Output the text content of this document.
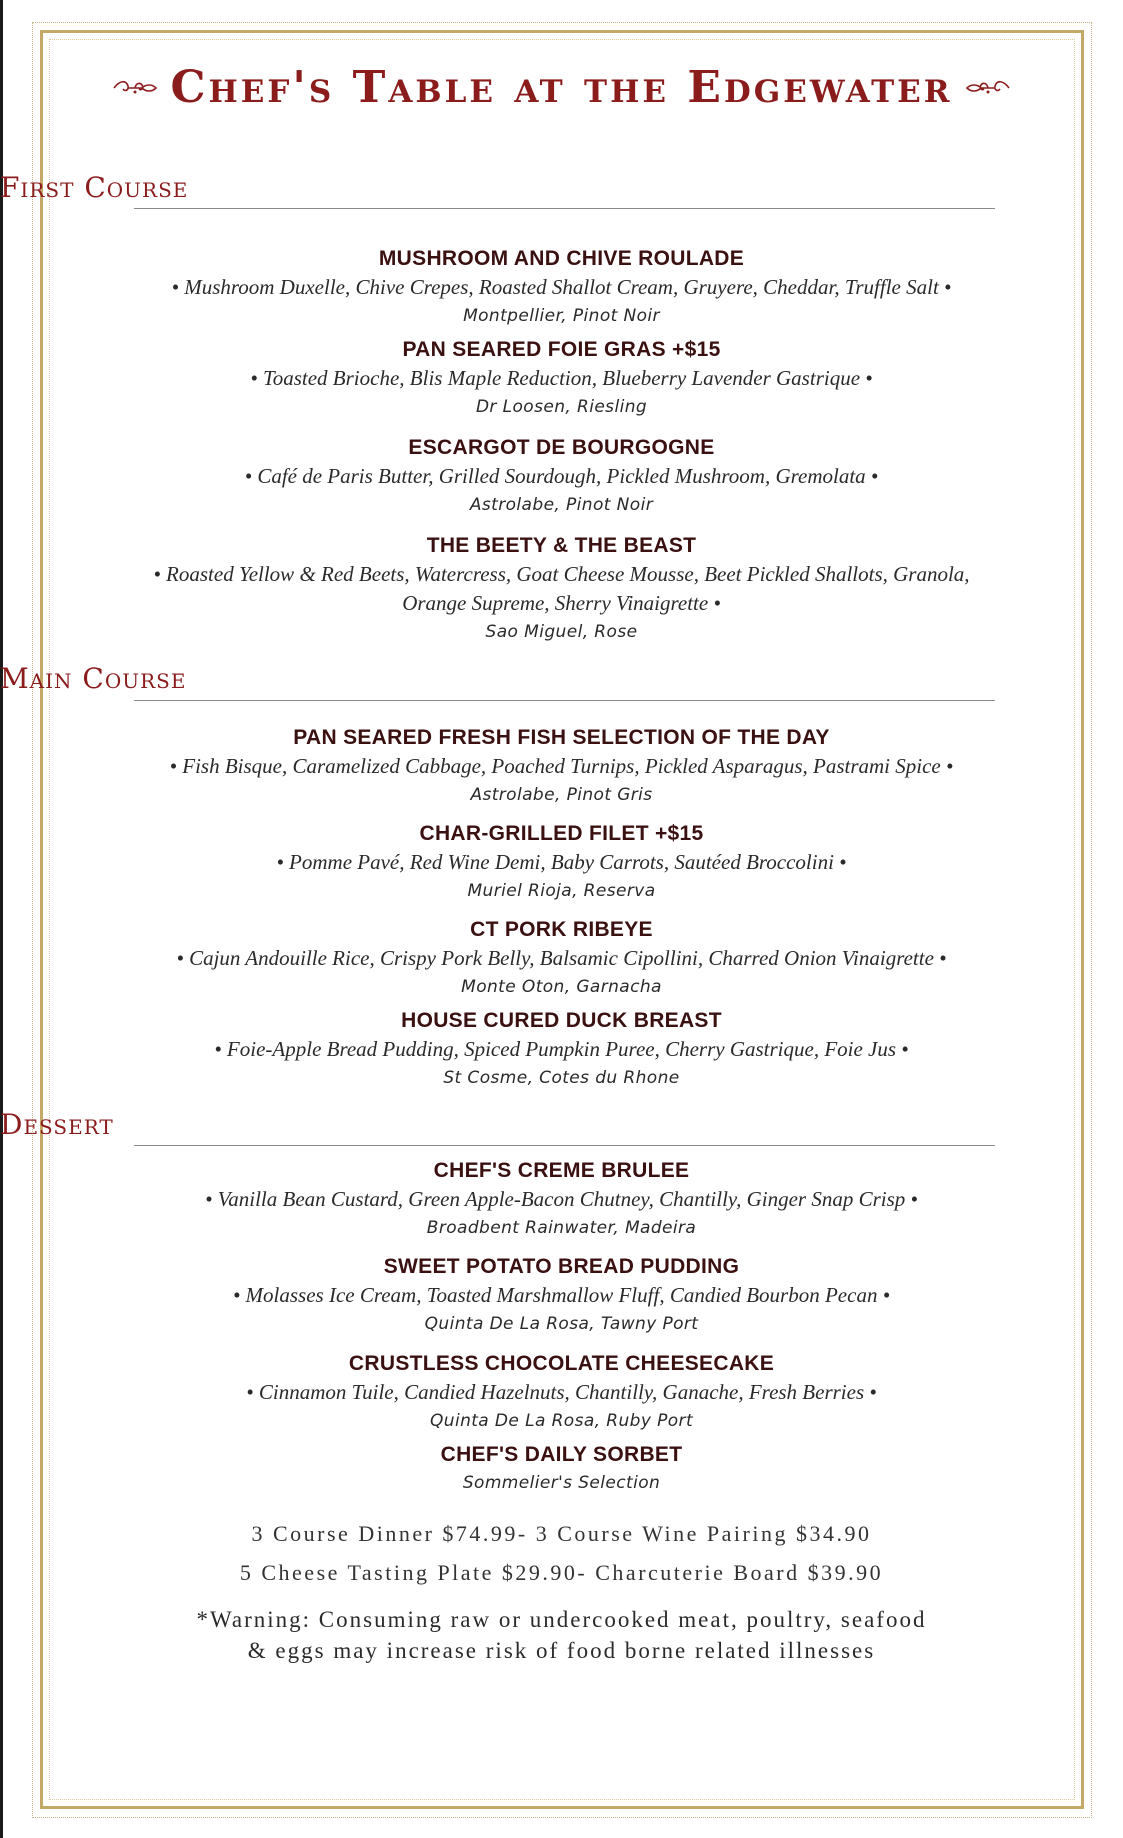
Chef's Table at the Edgewater
First Course
MUSHROOM AND CHIVE ROULADE
• Mushroom Duxelle, Chive Crepes, Roasted Shallot Cream, Gruyere, Cheddar, Truffle Salt •
Montpellier, Pinot Noir
PAN SEARED FOIE GRAS +$15
• Toasted Brioche, Blis Maple Reduction, Blueberry Lavender Gastrique •
Dr Loosen, Riesling
ESCARGOT DE BOURGOGNE
• Café de Paris Butter, Grilled Sourdough, Pickled Mushroom, Gremolata •
Astrolabe, Pinot Noir
THE BEETY & THE BEAST
• Roasted Yellow & Red Beets, Watercress, Goat Cheese Mousse, Beet Pickled Shallots, Granola,
Orange Supreme, Sherry Vinaigrette •
Sao Miguel, Rose
Main Course
PAN SEARED FRESH FISH SELECTION OF THE DAY
• Fish Bisque, Caramelized Cabbage, Poached Turnips, Pickled Asparagus, Pastrami Spice •
Astrolabe, Pinot Gris
CHAR-GRILLED FILET +$15
• Pomme Pavé, Red Wine Demi, Baby Carrots, Sautéed Broccolini •
Muriel Rioja, Reserva
CT PORK RIBEYE
• Cajun Andouille Rice, Crispy Pork Belly, Balsamic Cipollini, Charred Onion Vinaigrette •
Monte Oton, Garnacha
HOUSE CURED DUCK BREAST
• Foie-Apple Bread Pudding, Spiced Pumpkin Puree, Cherry Gastrique, Foie Jus •
St Cosme, Cotes du Rhone
Dessert
CHEF'S CREME BRULEE
• Vanilla Bean Custard, Green Apple-Bacon Chutney, Chantilly, Ginger Snap Crisp •
Broadbent Rainwater, Madeira
SWEET POTATO BREAD PUDDING
• Molasses Ice Cream, Toasted Marshmallow Fluff, Candied Bourbon Pecan •
Quinta De La Rosa, Tawny Port
CRUSTLESS CHOCOLATE CHEESECAKE
• Cinnamon Tuile, Candied Hazelnuts, Chantilly, Ganache, Fresh Berries •
Quinta De La Rosa, Ruby Port
CHEF'S DAILY SORBET
Sommelier's Selection
3 Course Dinner $74.99- 3 Course Wine Pairing $34.90
5 Cheese Tasting Plate $29.90- Charcuterie Board $39.90
*Warning: Consuming raw or undercooked meat, poultry, seafood
& eggs may increase risk of food borne related illnesses
